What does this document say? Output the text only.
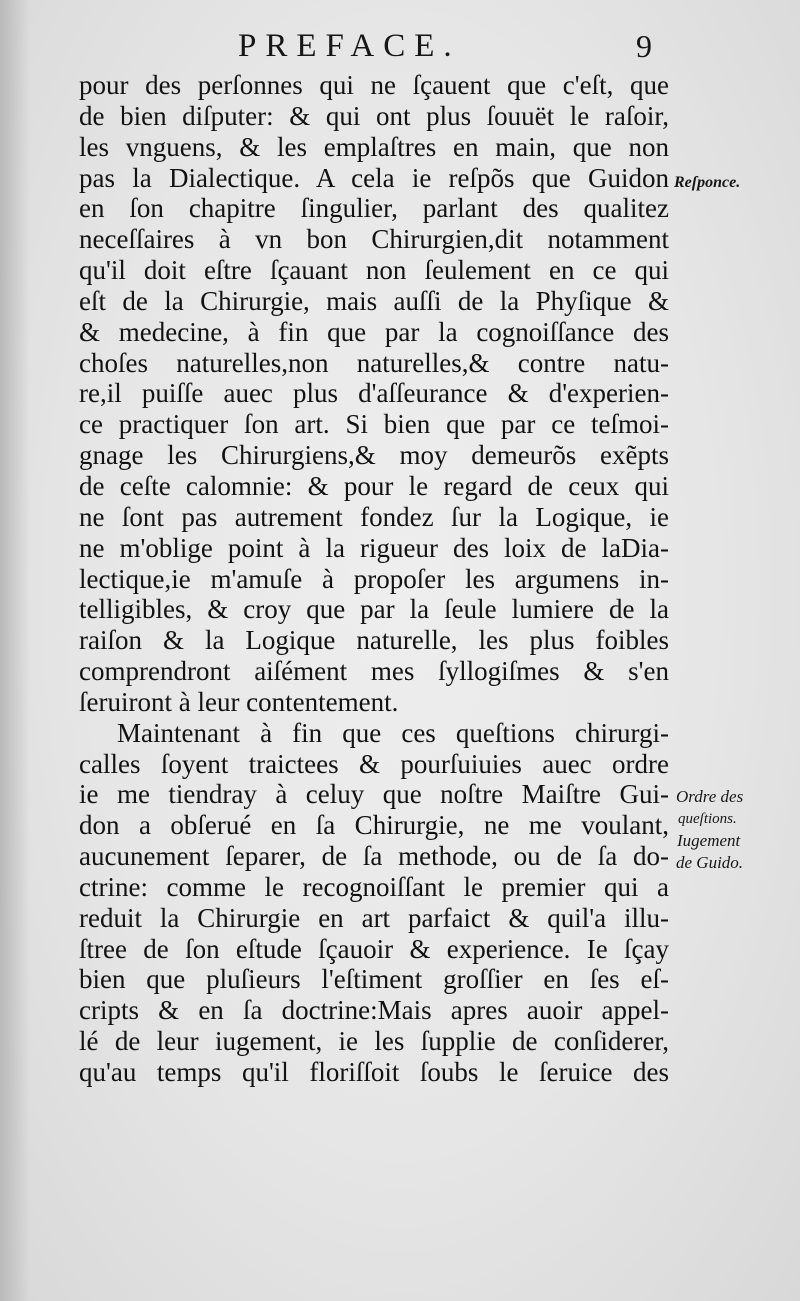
PREFACE.	9
Reſponce.
Ordre des
queſtions.
Iugement
de Guido.
pour des perſonnes qui ne ſçauent que c'eſt, que
de bien diſputer: & qui ont plus ſouuët le raſoir,
les vnguens, & les emplaſtres en main, que non
pas la Dialectique. A cela ie reſpõs que Guidon
en ſon chapitre ſingulier, parlant des qualitez
neceſſaires à vn bon Chirurgien,dit notamment
qu'il doit eſtre ſçauant non ſeulement en ce qui
eſt de la Chirurgie, mais auſſi de la Phyſique &
& medecine, à fin que par la cognoiſſance des
choſes naturelles,non naturelles,& contre natu-
re,il puiſſe auec plus d'aſſeurance & d'experien-
ce practiquer ſon art. Si bien que par ce teſmoi-
gnage les Chirurgiens,& moy demeurõs exẽpts
de ceſte calomnie: & pour le regard de ceux qui
ne ſont pas autrement fondez ſur la Logique, ie
ne m'oblige point à la rigueur des loix de laDia-
lectique,ie m'amuſe à propoſer les argumens in-
telligibles, & croy que par la ſeule lumiere de la
raiſon & la Logique naturelle, les plus foibles
comprendront aiſément mes ſyllogiſmes & s'en
ſeruiront à leur contentement.
Maintenant à fin que ces queſtions chirurgi-
calles ſoyent traictees & pourſuiuies auec ordre
ie me tiendray à celuy que noſtre Maiſtre Gui-
don a obſerué en ſa Chirurgie, ne me voulant,
aucunement ſeparer, de ſa methode, ou de ſa do-
ctrine: comme le recognoiſſant le premier qui a
reduit la Chirurgie en art parfaict & quil'a illu-
ſtree de ſon eſtude ſçauoir & experience. Ie ſçay
bien que pluſieurs l'eſtiment groſſier en ſes eſ-
cripts & en ſa doctrine:Mais apres auoir appel-
lé de leur iugement, ie les ſupplie de conſiderer,
qu'au temps qu'il floriſſoit ſoubs le ſeruice des
